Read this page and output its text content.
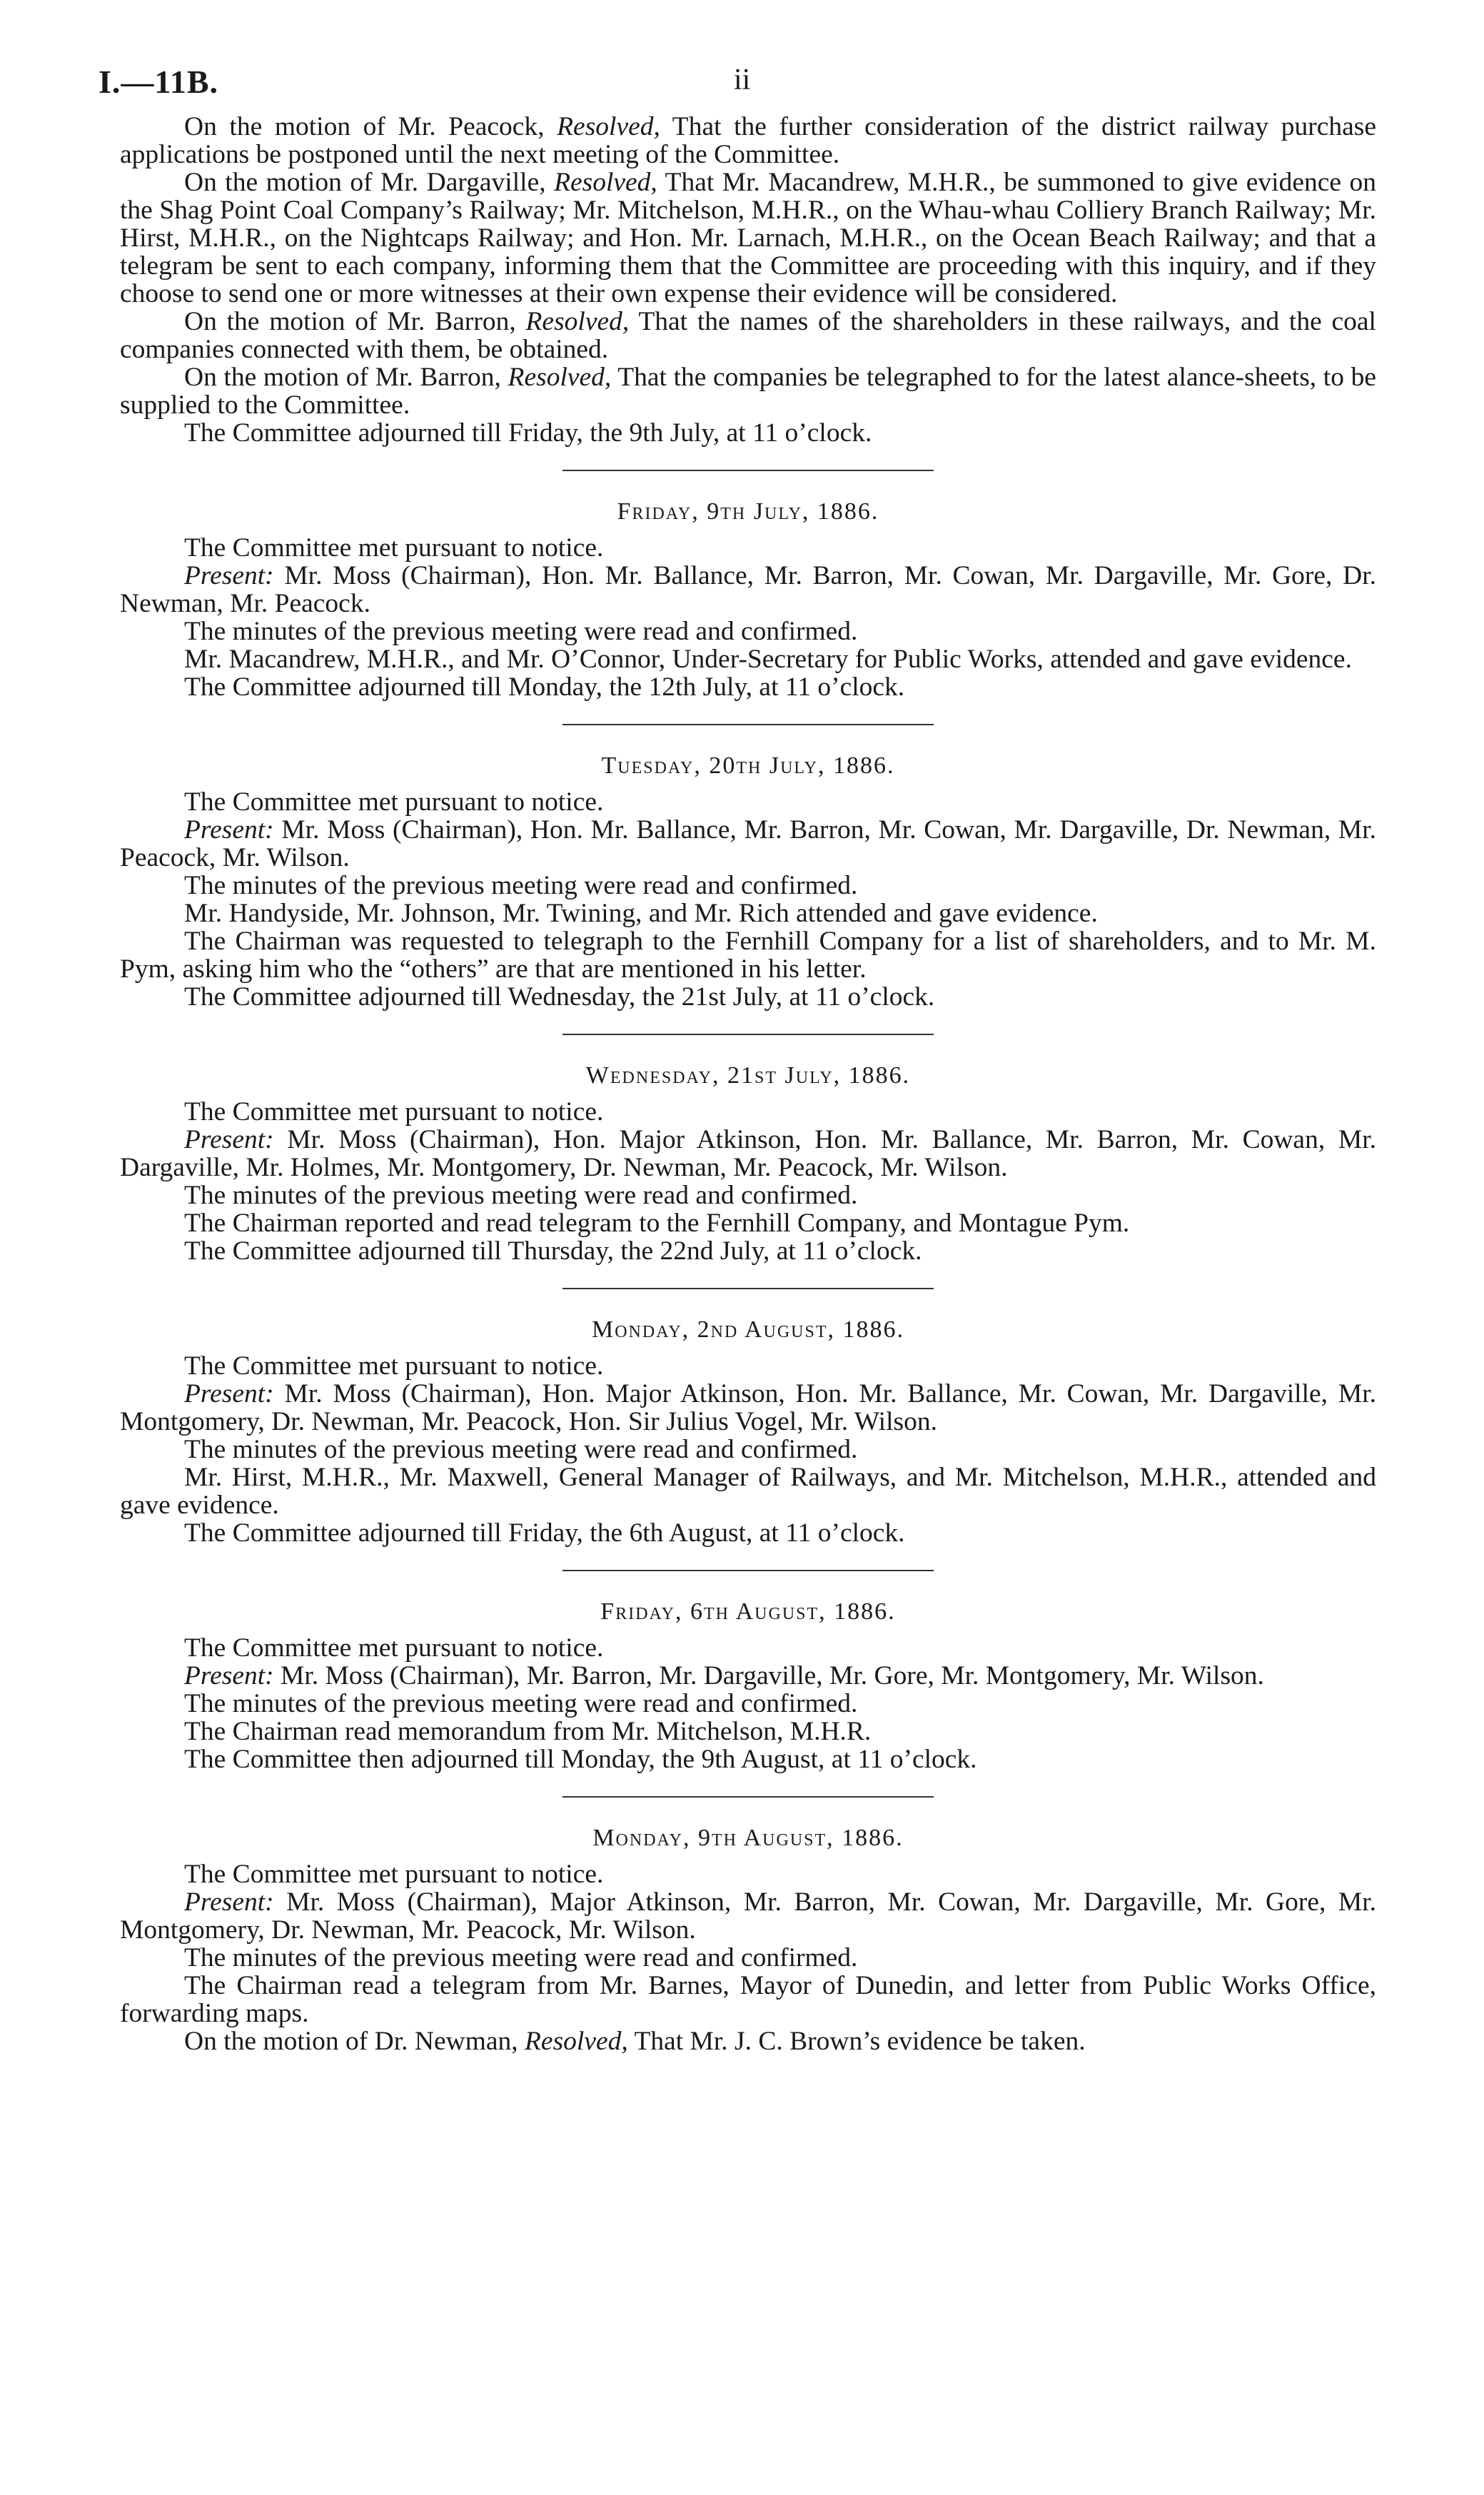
I.—11B.	ii

On the motion of Mr. Peacock, Resolved, That the further consideration of the district railway purchase applications be postponed until the next meeting of the Committee.

On the motion of Mr. Dargaville, Resolved, That Mr. Macandrew, M.H.R., be summoned to give evidence on the Shag Point Coal Company’s Railway; Mr. Mitchelson, M.H.R., on the Whau-whau Colliery Branch Railway; Mr. Hirst, M.H.R., on the Nightcaps Railway; and Hon. Mr. Larnach, M.H.R., on the Ocean Beach Railway; and that a telegram be sent to each company, informing them that the Committee are proceeding with this inquiry, and if they choose to send one or more witnesses at their own expense their evidence will be considered.

On the motion of Mr. Barron, Resolved, That the names of the shareholders in these railways, and the coal companies connected with them, be obtained.

On the motion of Mr. Barron, Resolved, That the companies be telegraphed to for the latest alance-sheets, to be supplied to the Committee.

The Committee adjourned till Friday, the 9th July, at 11 o’clock.

Friday, 9th July, 1886.

The Committee met pursuant to notice.

Present: Mr. Moss (Chairman), Hon. Mr. Ballance, Mr. Barron, Mr. Cowan, Mr. Dargaville, Mr. Gore, Dr. Newman, Mr. Peacock.

The minutes of the previous meeting were read and confirmed.

Mr. Macandrew, M.H.R., and Mr. O’Connor, Under-Secretary for Public Works, attended and gave evidence.

The Committee adjourned till Monday, the 12th July, at 11 o’clock.

Tuesday, 20th July, 1886.

The Committee met pursuant to notice.

Present: Mr. Moss (Chairman), Hon. Mr. Ballance, Mr. Barron, Mr. Cowan, Mr. Dargaville, Dr. Newman, Mr. Peacock, Mr. Wilson.

The minutes of the previous meeting were read and confirmed.

Mr. Handyside, Mr. Johnson, Mr. Twining, and Mr. Rich attended and gave evidence.

The Chairman was requested to telegraph to the Fernhill Company for a list of shareholders, and to Mr. M. Pym, asking him who the “others” are that are mentioned in his letter.

The Committee adjourned till Wednesday, the 21st July, at 11 o’clock.

Wednesday, 21st July, 1886.

The Committee met pursuant to notice.

Present: Mr. Moss (Chairman), Hon. Major Atkinson, Hon. Mr. Ballance, Mr. Barron, Mr. Cowan, Mr. Dargaville, Mr. Holmes, Mr. Montgomery, Dr. Newman, Mr. Peacock, Mr. Wilson.

The minutes of the previous meeting were read and confirmed.

The Chairman reported and read telegram to the Fernhill Company, and Montague Pym.

The Committee adjourned till Thursday, the 22nd July, at 11 o’clock.

Monday, 2nd August, 1886.

The Committee met pursuant to notice.

Present: Mr. Moss (Chairman), Hon. Major Atkinson, Hon. Mr. Ballance, Mr. Cowan, Mr. Dargaville, Mr. Montgomery, Dr. Newman, Mr. Peacock, Hon. Sir Julius Vogel, Mr. Wilson.

The minutes of the previous meeting were read and confirmed.

Mr. Hirst, M.H.R., Mr. Maxwell, General Manager of Railways, and Mr. Mitchelson, M.H.R., attended and gave evidence.

The Committee adjourned till Friday, the 6th August, at 11 o’clock.

Friday, 6th August, 1886.

The Committee met pursuant to notice.

Present: Mr. Moss (Chairman), Mr. Barron, Mr. Dargaville, Mr. Gore, Mr. Montgomery, Mr. Wilson.

The minutes of the previous meeting were read and confirmed.

The Chairman read memorandum from Mr. Mitchelson, M.H.R.

The Committee then adjourned till Monday, the 9th August, at 11 o’clock.

Monday, 9th August, 1886.

The Committee met pursuant to notice.

Present: Mr. Moss (Chairman), Major Atkinson, Mr. Barron, Mr. Cowan, Mr. Dargaville, Mr. Gore, Mr. Montgomery, Dr. Newman, Mr. Peacock, Mr. Wilson.

The minutes of the previous meeting were read and confirmed.

The Chairman read a telegram from Mr. Barnes, Mayor of Dunedin, and letter from Public Works Office, forwarding maps.

On the motion of Dr. Newman, Resolved, That Mr. J. C. Brown’s evidence be taken.
